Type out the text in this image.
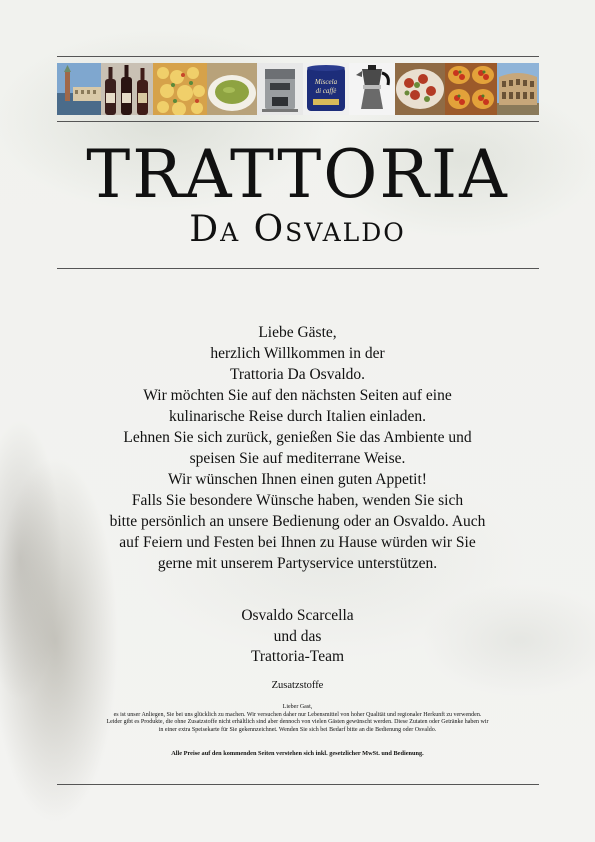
Miscela
di caffè
TRATTORIA
Da Osvaldo
Liebe Gäste,
herzlich Willkommen in der
Trattoria Da Osvaldo.
Wir möchten Sie auf den nächsten Seiten auf eine
kulinarische Reise durch Italien einladen.
Lehnen Sie sich zurück, genießen Sie das Ambiente und
speisen Sie auf mediterrane Weise.
Wir wünschen Ihnen einen guten Appetit!
Falls Sie besondere Wünsche haben, wenden Sie sich
bitte persönlich an unsere Bedienung oder an Osvaldo. Auch
auf Feiern und Festen bei Ihnen zu Hause würden wir Sie
gerne mit unserem Partyservice unterstützen.
Osvaldo Scarcella
und das
Trattoria-Team
Zusatzstoffe
Lieber Gast,
es ist unser Anliegen, Sie bei uns glücklich zu machen. Wir versuchen daher nur Lebensmittel von hoher Qualität und regionaler Herkunft zu verwenden.
Leider gibt es Produkte, die ohne Zusatzstoffe nicht erhältlich sind aber dennoch von vielen Gästen gewünscht werden. Diese Zutaten oder Getränke haben wir
in einer extra Speisekarte für Sie gekennzeichnet. Wenden Sie sich bei Bedarf bitte an die Bedienung oder Osvaldo.
Alle Preise auf den kommenden Seiten verstehen sich inkl. gesetzlicher MwSt. und Bedienung.
